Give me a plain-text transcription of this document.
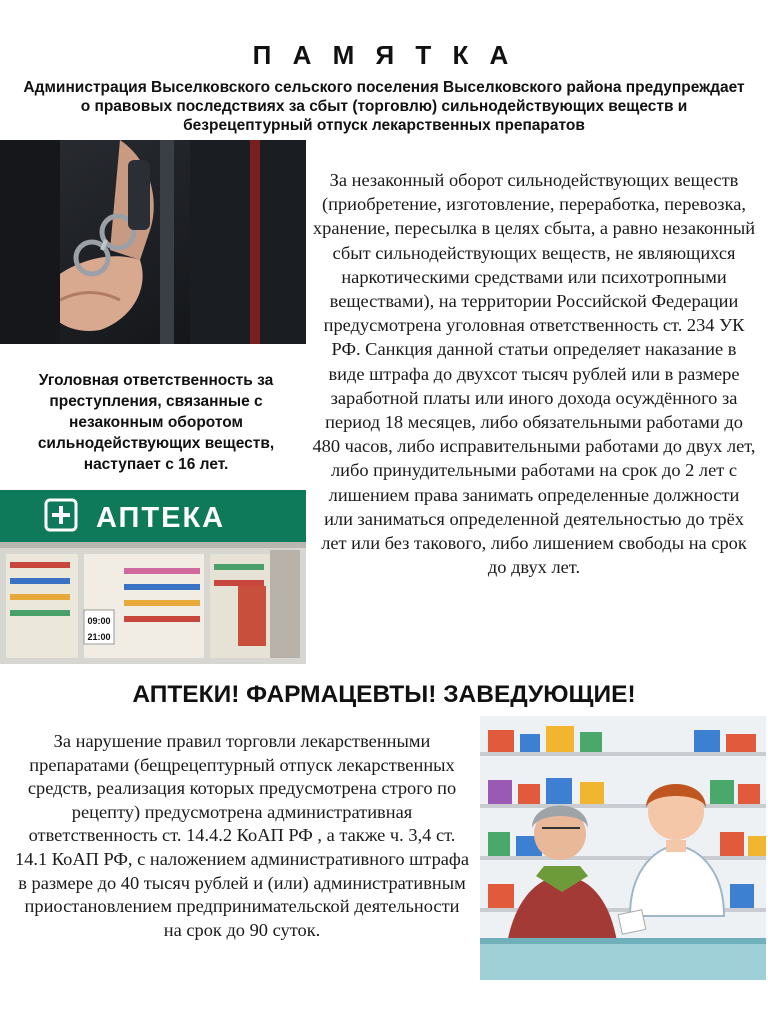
П А М Я Т К А
Администрация Выселковского сельского поселения Выселковского района предупреждает о правовых последствиях за сбыт (торговлю) сильнодействующих веществ и безрецептурный отпуск лекарственных препаратов
Уголовная ответственность за преступления, связанные с незаконным оборотом сильнодействующих веществ, наступает с 16 лет.
АПТЕКА
09:00
21:00
За незаконный оборот сильнодействующих веществ (приобретение, изготовление, переработка, перевозка, хранение, пересылка в целях сбыта, а равно незаконный сбыт сильнодействующих веществ, не являющихся наркотическими средствами или психотропными веществами), на территории Российской Федерации предусмотрена уголовная ответственность ст. 234 УК РФ. Санкция данной статьи определяет наказание в виде штрафа до двухсот тысяч рублей или в размере заработной платы или иного дохода осуждённого за период 18 месяцев, либо обязательными работами до 480 часов, либо исправительными работами до двух лет, либо принудительными работами на срок до 2 лет с лишением права занимать определенные должности или заниматься определенной деятельностью до трёх лет или без такового, либо лишением свободы на срок до двух лет.
АПТЕКИ! ФАРМАЦЕВТЫ! ЗАВЕДУЮЩИЕ!
За нарушение правил торговли лекарственными препаратами (бещрецептурный отпуск лекарственных средств, реализация которых предусмотрена строго по рецепту) предусмотрена административная ответственность ст. 14.4.2 КоАП РФ , а также ч. 3,4 ст. 14.1 КоАП РФ, с наложением административного штрафа в размере до 40 тысяч рублей и (или) административным приостановлением предпринимательской деятельности на срок до 90 суток.
